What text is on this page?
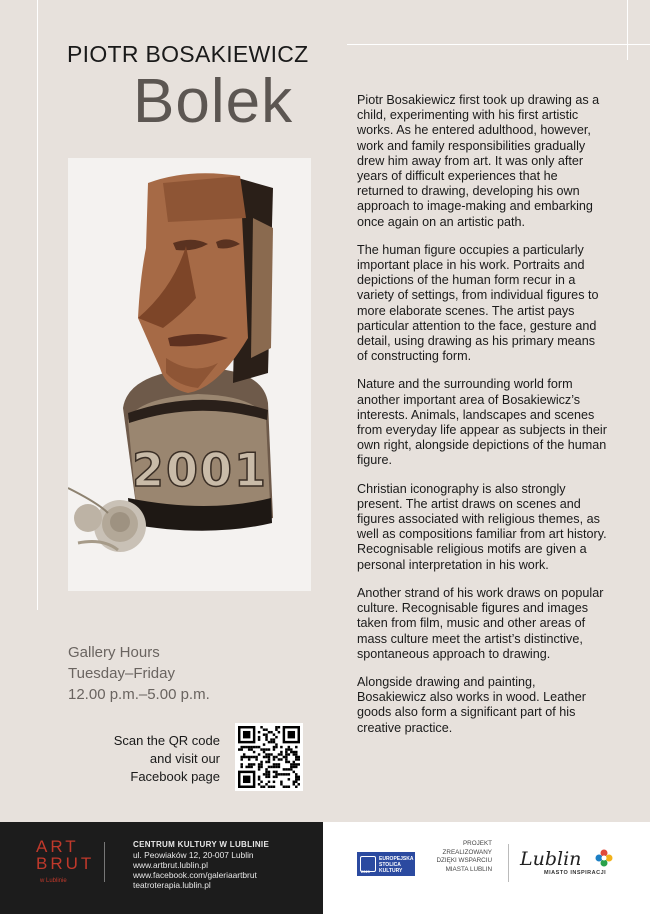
PIOTR BOSAKIEWICZ
Bolek
2001

Piotr Bosakiewicz first took up drawing as a child, experimenting with his first artistic works. As he entered adulthood, however, work and family responsibilities gradually drew him away from art. It was only after years of difficult experiences that he returned to drawing, developing his own approach to image-making and embarking once again on an artistic path.

The human figure occupies a particularly important place in his work. Portraits and depictions of the human form recur in a variety of settings, from individual figures to more elaborate scenes. The artist pays particular attention to the face, gesture and detail, using drawing as his primary means of constructing form.

Nature and the surrounding world form another important area of Bosakiewicz’s interests. Animals, landscapes and scenes from everyday life appear as subjects in their own right, alongside depictions of the human figure.

Christian iconography is also strongly present. The artist draws on scenes and figures associated with religious themes, as well as compositions familiar from art history. Recognisable religious motifs are given a personal interpretation in his work.

Another strand of his work draws on popular culture. Recognisable figures and images taken from film, music and other areas of mass culture meet the artist’s distinctive, spontaneous approach to drawing.

Alongside drawing and painting, Bosakiewicz also works in wood. Leather goods also form a significant part of his creative practice.

Gallery Hours
Tuesday–Friday
12.00 p.m.–5.00 p.m.
Scan the QR code
and visit our
Facebook page
ART
BRUT
w Lublinie
CENTRUM KULTURY W LUBLINIE
ul. Peowiaków 12, 20-007 Lublin
www.artbrut.lublin.pl
www.facebook.com/galeriaartbrut
teatroterapia.lublin.pl
EUROPEJSKA
STOLICA
KULTURY
2029
PROJEKT
ZREALIZOWANY
DZIĘKI WSPARCIU
MIASTA LUBLIN Lublin
MIASTO INSPIRACJI
